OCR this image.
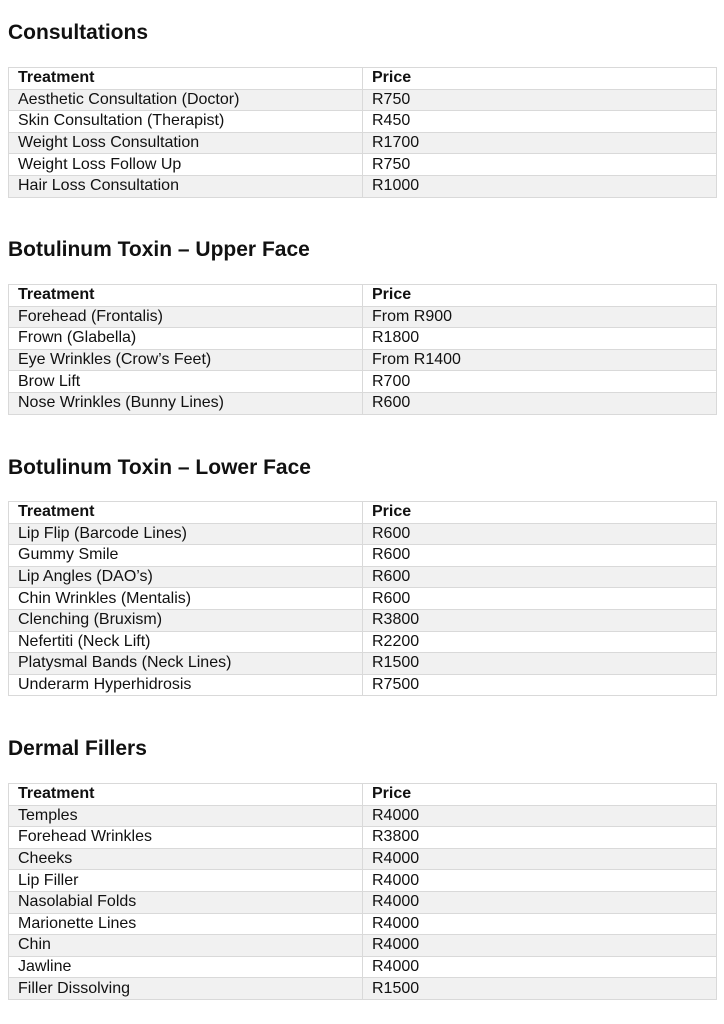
Consultations
Treatment	Price
Aesthetic Consultation (Doctor)	R750
Skin Consultation (Therapist)	R450
Weight Loss Consultation	R1700
Weight Loss Follow Up	R750
Hair Loss Consultation	R1000
Botulinum Toxin – Upper Face
Treatment	Price
Forehead (Frontalis)	From R900
Frown (Glabella)	R1800
Eye Wrinkles (Crow’s Feet)	From R1400
Brow Lift	R700
Nose Wrinkles (Bunny Lines)	R600
Botulinum Toxin – Lower Face
Treatment	Price
Lip Flip (Barcode Lines)	R600
Gummy Smile	R600
Lip Angles (DAO’s)	R600
Chin Wrinkles (Mentalis)	R600
Clenching (Bruxism)	R3800
Nefertiti (Neck Lift)	R2200
Platysmal Bands (Neck Lines)	R1500
Underarm Hyperhidrosis	R7500
Dermal Fillers
Treatment	Price
Temples	R4000
Forehead Wrinkles	R3800
Cheeks	R4000
Lip Filler	R4000
Nasolabial Folds	R4000
Marionette Lines	R4000
Chin	R4000
Jawline	R4000
Filler Dissolving	R1500
